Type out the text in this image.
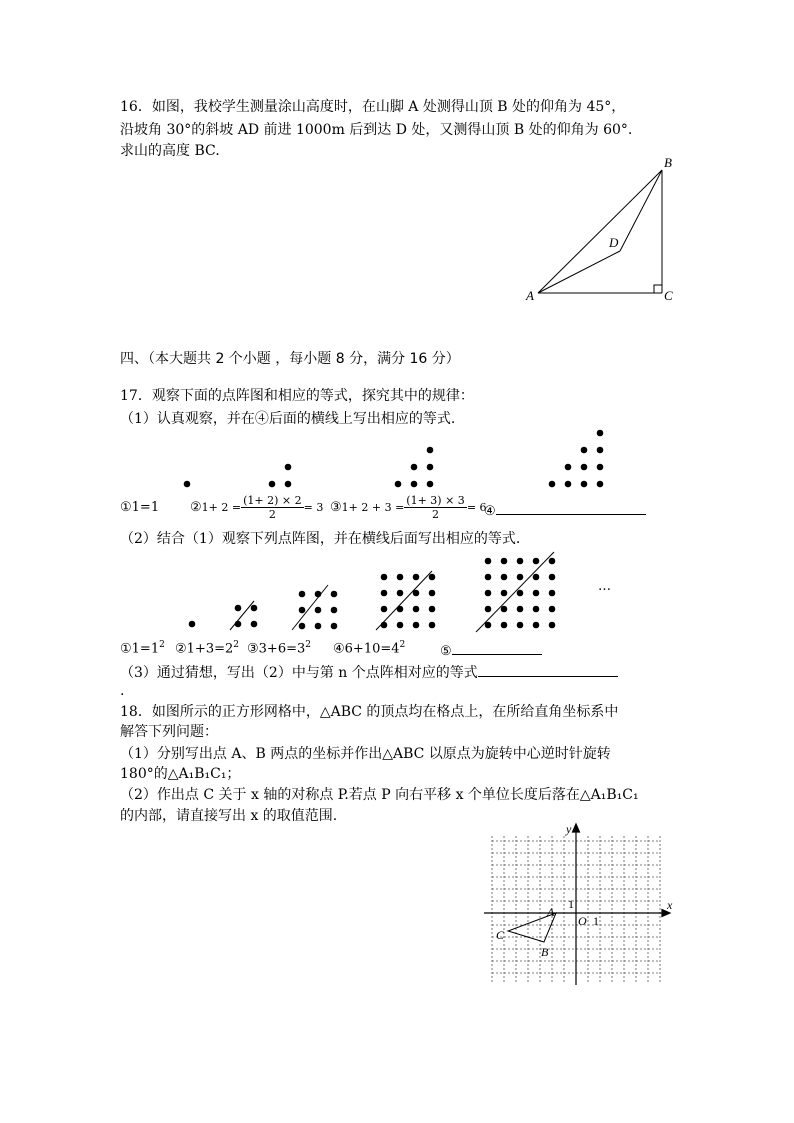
16．如图，我校学生测量涂山高度时，在山脚 A 处测得山顶 B 处的仰角为 45°，
沿坡角 30°的斜坡 AD 前进 1000m 后到达 D 处，又测得山顶 B 处的仰角为 60°.
求山的高度 BC.
A
B
C
D
四、（本大题共 2 个小题 ，每小题 8 分，满分 16 分）
17．观察下面的点阵图和相应的等式，探究其中的规律：
（1）认真观察，并在④后面的横线上写出相应的等式.
①1=1 ②1+ $2 = \frac{(1+ 2) \times 2}{2} = 3$ ③1+ $2 + 3 = \frac{(1+ 3) \times 3}{2} = 6$
④
（2）结合（1）观察下列点阵图，并在横线后面写出相应的等式.
…
$①1=1^2$ $②1+3=2^2$ $③3+6=3^2$ $④6+10=4^2$	⑤
（3）通过猜想，写出（2）中与第 n 个点阵相对应的等式
.
18．如图所示的正方形网格中，△ABC 的顶点均在格点上，在所给直角坐标系中
解答下列问题：
（1）分别写出点 A、B 两点的坐标并作出△ABC 以原点为旋转中心逆时针旋转
180°的△A₁B₁C₁；
（2）作出点 C 关于 x 轴的对称点 P.若点 P 向右平移 x 个单位长度后落在△A₁B₁C₁
的内部，请直接写出 x 的取值范围.
x
y
O 1
1
A
B
C
